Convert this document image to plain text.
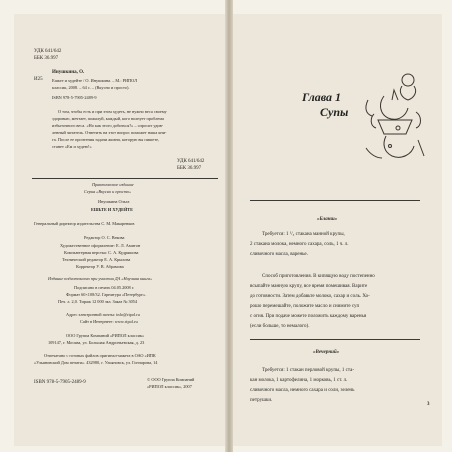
УДК 641/642
ББК 36.997
И25
Инушкина, О.
Ешьте и худейте / О. Инушкина. – М.: РИПОЛ
классик, 2008. – 64 с. – (Вкусно и просто).
ISBN 978-5-7905-2489-9
О том, чтобы есть и при этом худеть, не нужно веса своему
здоровью, мечтает, пожалуй, каждый, кого волнует проблема
избыточного веса. «Но как этого добиться?» – спросит удив-
ленный читатель. Ответить на этот вопрос поможет наша кни-
га. После ее прочтения задачи жизни, которую вы пишете,
станет «Ем и худею!»
УДК 641/642
ББК 36.997
Практическое издание
Серия «Вкусно и просто»
Инушкина Ольга
ЕШЬТЕ И ХУДЕЙТЕ
Генеральный директор издательства С. М. Макаренков
Редактор О. С. Векова
Художественное оформление: Е. Л. Амитон
Компьютерная верстка: С. А. Кудряшова
Технический редактор Е. А. Крылова
Корректор У. В. Абрамова
Издание подготовлено при участии ДА «Научная книга»
Подписано в печать 04.05.2008 г.
Формат 60×108/32. Гарнитура «Петербург».
Печ. л. 2,0. Тираж 12 000 экз. Заказ № 3054
Адрес электронной почты: info@ripol.ru
Сайт в Интернете: www.ripol.ru
ООО Группа Компаний «РИПОЛ классик»
109147, г. Москва, ул. Большая Андроньевская, д. 23
Отпечатано с готовых файлов оригинал-макета в ОАО «ИПК
«Ульяновский Дом печати». 432980, г. Ульяновск, ул. Гончарова, 14
ISBN 978-5-7905-2489-9
© ООО Группа Компаний
«РИПОЛ классик», 2007
Глава 1
Супы
«Бланш»
Требуется: 1 ¹/₃ стакана манной крупы,
2 стакана молока, немного сахара, соль, 1 ч. л.
сливочного масла, варенье.
Способ приготовления. В кипящую воду постепенно
всыпайте манную крупу, все время помешивая. Варите
до готовности. Затем добавьте молоко, сахар и соль. Хо-
рошо перемешайте, положите масло и снимите суп
с огня. При подаче можете положить каждому варенья
(если больше, то немалого).
«Вечерний»
Требуется: 1 стакан перловой крупы, 1 ста-
кан молока, 1 картофелина, 1 морковь, 1 ст. л.
сливочного масла, немного сахара и соли, зелень
петрушки.
3
